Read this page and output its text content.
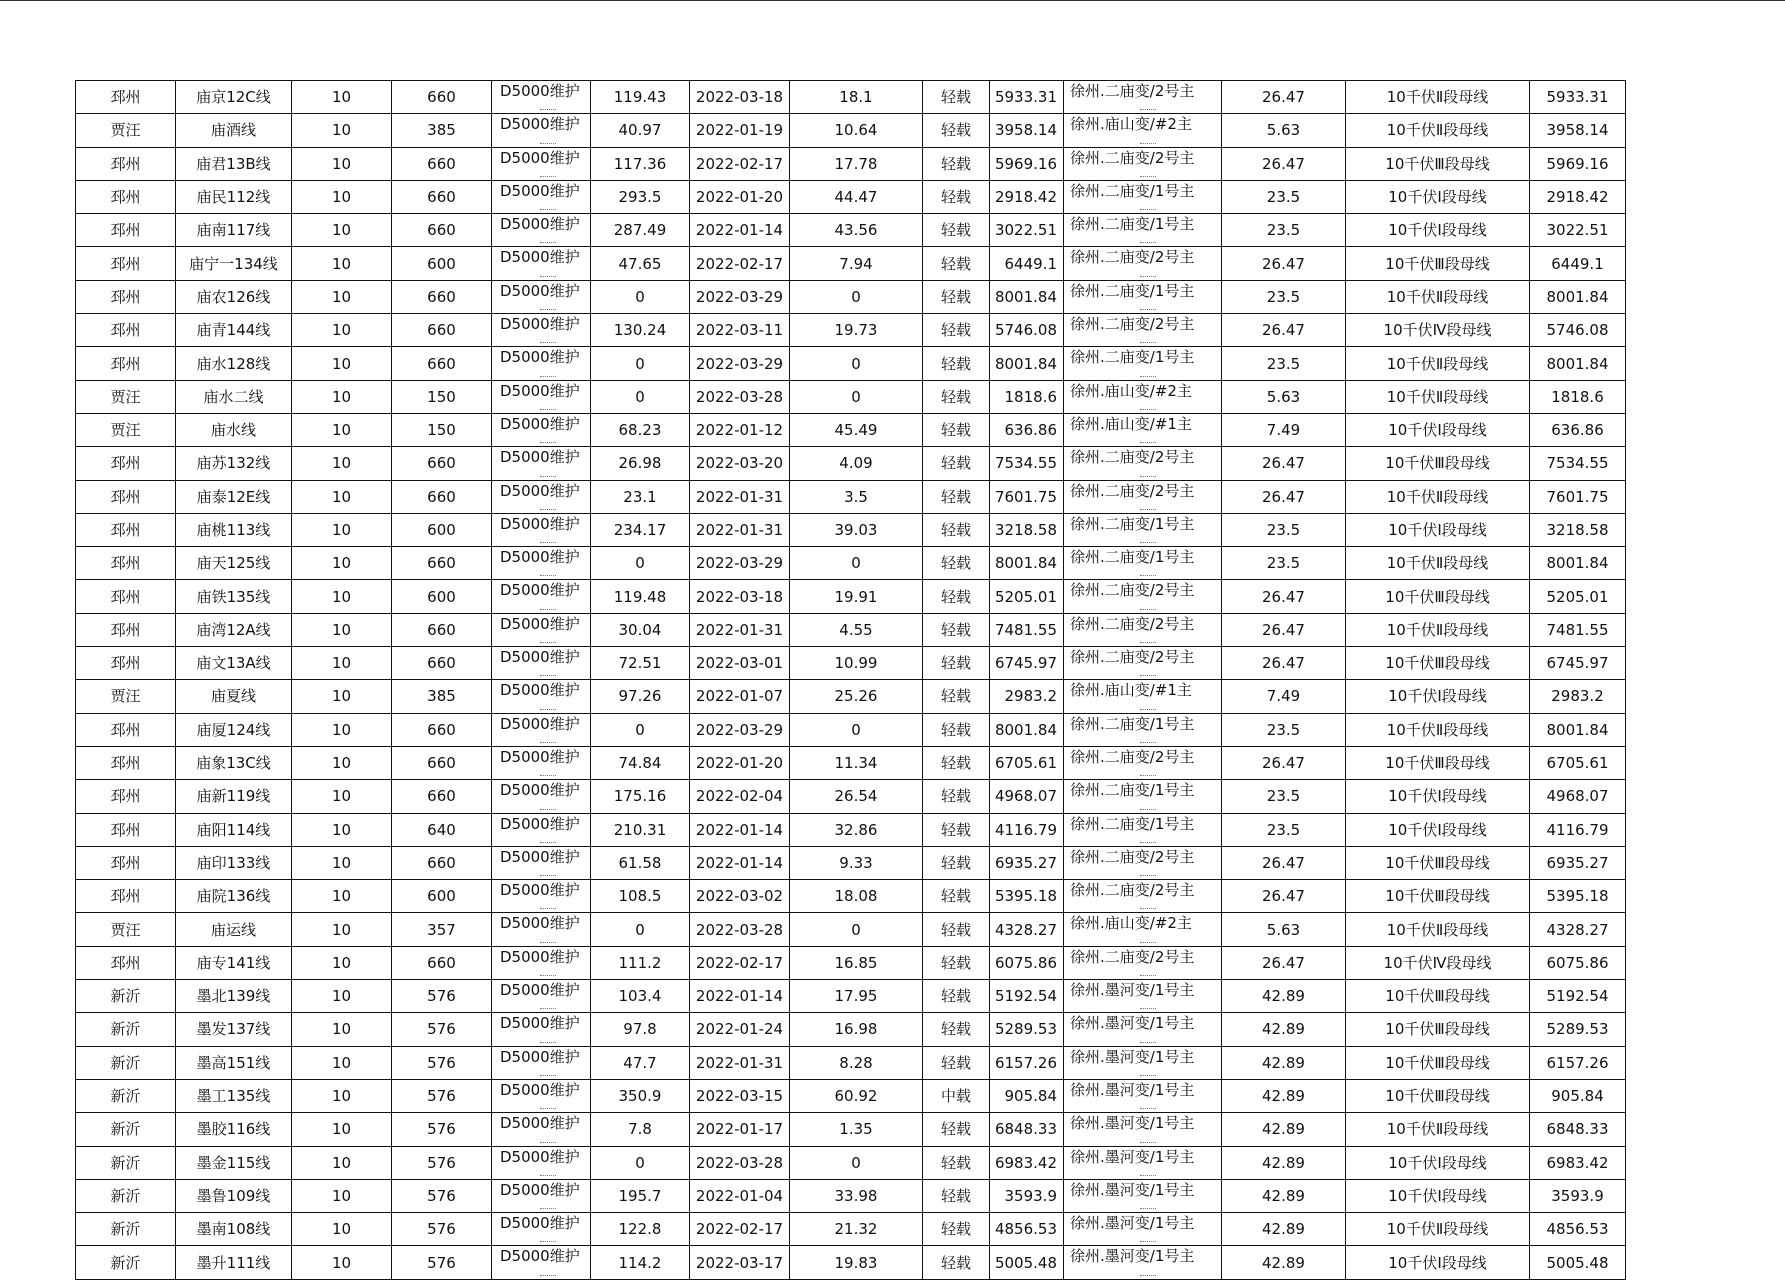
邳州	庙京12C线	10	660	D5000维护	119.43	2022-03-18	18.1	轻载	5933.31	徐州.二庙变/2号主	26.47	10千伏Ⅱ段母线	5933.31
贾汪	庙酒线	10	385	D5000维护	40.97	2022-01-19	10.64	轻载	3958.14	徐州.庙山变/#2主	5.63	10千伏Ⅱ段母线	3958.14
邳州	庙君13B线	10	660	D5000维护	117.36	2022-02-17	17.78	轻载	5969.16	徐州.二庙变/2号主	26.47	10千伏Ⅲ段母线	5969.16
邳州	庙民112线	10	660	D5000维护	293.5	2022-01-20	44.47	轻载	2918.42	徐州.二庙变/1号主	23.5	10千伏Ⅰ段母线	2918.42
邳州	庙南117线	10	660	D5000维护	287.49	2022-01-14	43.56	轻载	3022.51	徐州.二庙变/1号主	23.5	10千伏Ⅰ段母线	3022.51
邳州	庙宁一134线	10	600	D5000维护	47.65	2022-02-17	7.94	轻载	6449.1	徐州.二庙变/2号主	26.47	10千伏Ⅲ段母线	6449.1
邳州	庙农126线	10	660	D5000维护	0	2022-03-29	0	轻载	8001.84	徐州.二庙变/1号主	23.5	10千伏Ⅱ段母线	8001.84
邳州	庙青144线	10	660	D5000维护	130.24	2022-03-11	19.73	轻载	5746.08	徐州.二庙变/2号主	26.47	10千伏Ⅳ段母线	5746.08
邳州	庙水128线	10	660	D5000维护	0	2022-03-29	0	轻载	8001.84	徐州.二庙变/1号主	23.5	10千伏Ⅱ段母线	8001.84
贾汪	庙水二线	10	150	D5000维护	0	2022-03-28	0	轻载	1818.6	徐州.庙山变/#2主	5.63	10千伏Ⅱ段母线	1818.6
贾汪	庙水线	10	150	D5000维护	68.23	2022-01-12	45.49	轻载	636.86	徐州.庙山变/#1主	7.49	10千伏Ⅰ段母线	636.86
邳州	庙苏132线	10	660	D5000维护	26.98	2022-03-20	4.09	轻载	7534.55	徐州.二庙变/2号主	26.47	10千伏Ⅲ段母线	7534.55
邳州	庙泰12E线	10	660	D5000维护	23.1	2022-01-31	3.5	轻载	7601.75	徐州.二庙变/2号主	26.47	10千伏Ⅱ段母线	7601.75
邳州	庙桃113线	10	600	D5000维护	234.17	2022-01-31	39.03	轻载	3218.58	徐州.二庙变/1号主	23.5	10千伏Ⅰ段母线	3218.58
邳州	庙天125线	10	660	D5000维护	0	2022-03-29	0	轻载	8001.84	徐州.二庙变/1号主	23.5	10千伏Ⅱ段母线	8001.84
邳州	庙铁135线	10	600	D5000维护	119.48	2022-03-18	19.91	轻载	5205.01	徐州.二庙变/2号主	26.47	10千伏Ⅲ段母线	5205.01
邳州	庙湾12A线	10	660	D5000维护	30.04	2022-01-31	4.55	轻载	7481.55	徐州.二庙变/2号主	26.47	10千伏Ⅱ段母线	7481.55
邳州	庙文13A线	10	660	D5000维护	72.51	2022-03-01	10.99	轻载	6745.97	徐州.二庙变/2号主	26.47	10千伏Ⅲ段母线	6745.97
贾汪	庙夏线	10	385	D5000维护	97.26	2022-01-07	25.26	轻载	2983.2	徐州.庙山变/#1主	7.49	10千伏Ⅰ段母线	2983.2
邳州	庙厦124线	10	660	D5000维护	0	2022-03-29	0	轻载	8001.84	徐州.二庙变/1号主	23.5	10千伏Ⅱ段母线	8001.84
邳州	庙象13C线	10	660	D5000维护	74.84	2022-01-20	11.34	轻载	6705.61	徐州.二庙变/2号主	26.47	10千伏Ⅲ段母线	6705.61
邳州	庙新119线	10	660	D5000维护	175.16	2022-02-04	26.54	轻载	4968.07	徐州.二庙变/1号主	23.5	10千伏Ⅰ段母线	4968.07
邳州	庙阳114线	10	640	D5000维护	210.31	2022-01-14	32.86	轻载	4116.79	徐州.二庙变/1号主	23.5	10千伏Ⅰ段母线	4116.79
邳州	庙印133线	10	660	D5000维护	61.58	2022-01-14	9.33	轻载	6935.27	徐州.二庙变/2号主	26.47	10千伏Ⅲ段母线	6935.27
邳州	庙院136线	10	600	D5000维护	108.5	2022-03-02	18.08	轻载	5395.18	徐州.二庙变/2号主	26.47	10千伏Ⅲ段母线	5395.18
贾汪	庙运线	10	357	D5000维护	0	2022-03-28	0	轻载	4328.27	徐州.庙山变/#2主	5.63	10千伏Ⅱ段母线	4328.27
邳州	庙专141线	10	660	D5000维护	111.2	2022-02-17	16.85	轻载	6075.86	徐州.二庙变/2号主	26.47	10千伏Ⅳ段母线	6075.86
新沂	墨北139线	10	576	D5000维护	103.4	2022-01-14	17.95	轻载	5192.54	徐州.墨河变/1号主	42.89	10千伏Ⅲ段母线	5192.54
新沂	墨发137线	10	576	D5000维护	97.8	2022-01-24	16.98	轻载	5289.53	徐州.墨河变/1号主	42.89	10千伏Ⅲ段母线	5289.53
新沂	墨高151线	10	576	D5000维护	47.7	2022-01-31	8.28	轻载	6157.26	徐州.墨河变/1号主	42.89	10千伏Ⅲ段母线	6157.26
新沂	墨工135线	10	576	D5000维护	350.9	2022-03-15	60.92	中载	905.84	徐州.墨河变/1号主	42.89	10千伏Ⅲ段母线	905.84
新沂	墨胶116线	10	576	D5000维护	7.8	2022-01-17	1.35	轻载	6848.33	徐州.墨河变/1号主	42.89	10千伏Ⅱ段母线	6848.33
新沂	墨金115线	10	576	D5000维护	0	2022-03-28	0	轻载	6983.42	徐州.墨河变/1号主	42.89	10千伏Ⅰ段母线	6983.42
新沂	墨鲁109线	10	576	D5000维护	195.7	2022-01-04	33.98	轻载	3593.9	徐州.墨河变/1号主	42.89	10千伏Ⅰ段母线	3593.9
新沂	墨南108线	10	576	D5000维护	122.8	2022-02-17	21.32	轻载	4856.53	徐州.墨河变/1号主	42.89	10千伏Ⅱ段母线	4856.53
新沂	墨升111线	10	576	D5000维护	114.2	2022-03-17	19.83	轻载	5005.48	徐州.墨河变/1号主	42.89	10千伏Ⅰ段母线	5005.48
